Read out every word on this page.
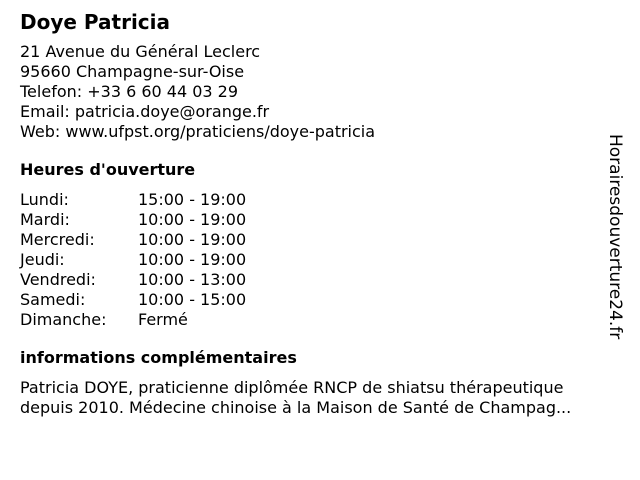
Doye Patricia
21 Avenue du Général Leclerc
95660 Champagne-sur-Oise
Telefon: +33 6 60 44 03 29
Email: patricia.doye@orange.fr
Web: www.ufpst.org/praticiens/doye-patricia
Heures d'ouverture
Lundi:	15:00 - 19:00
Mardi:	10:00 - 19:00
Mercredi:	10:00 - 19:00
Jeudi:	10:00 - 19:00
Vendredi:	10:00 - 13:00
Samedi:	10:00 - 15:00
Dimanche:	Fermé
informations complémentaires
Patricia DOYE, praticienne diplômée RNCP de shiatsu thérapeutique
depuis 2010. Médecine chinoise à la Maison de Santé de Champag...
Horairesdouverture24.fr
